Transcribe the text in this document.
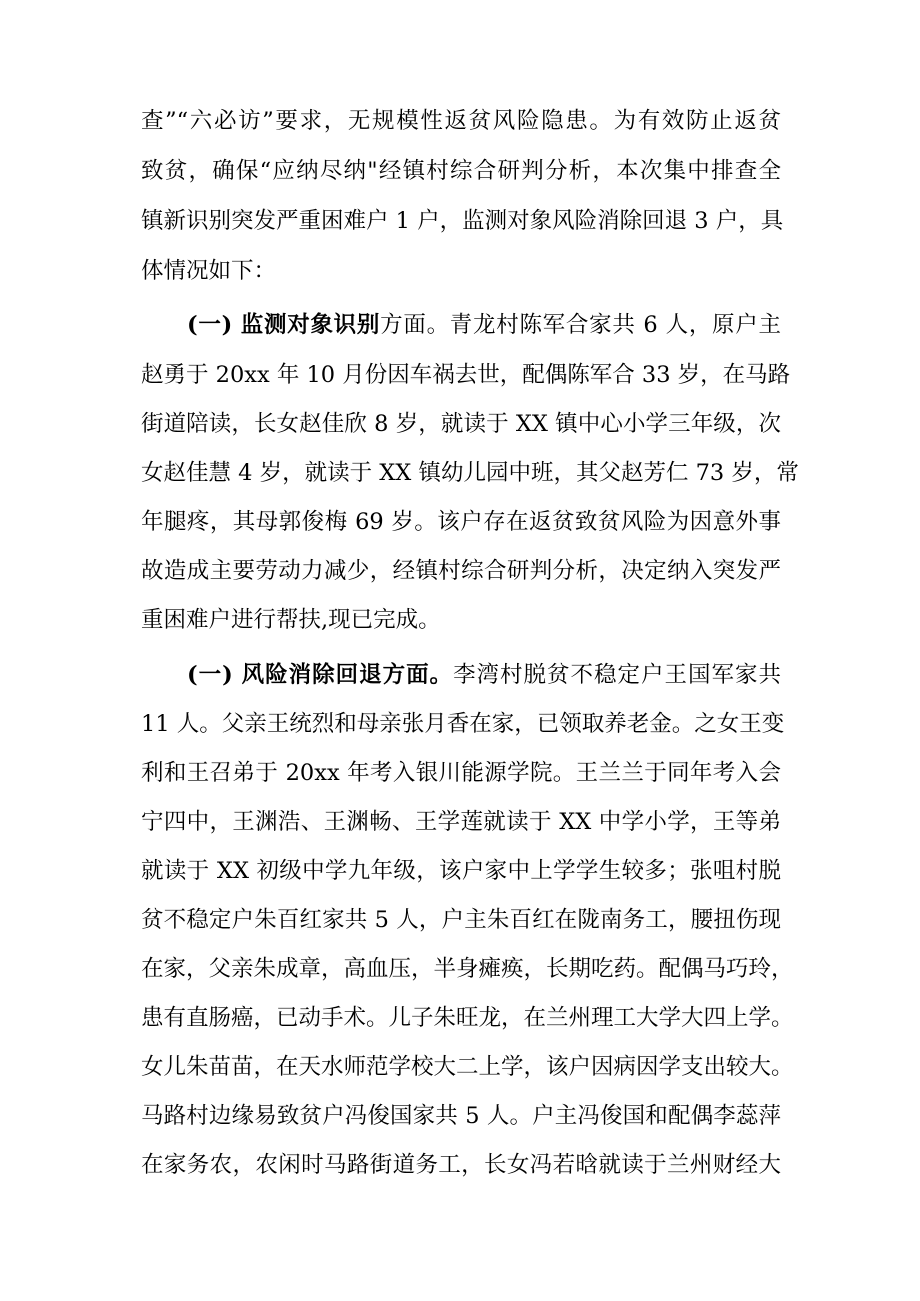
查”“六必访”要求，无规模性返贫风险隐患。为有效防止返贫
致贫，确保“应纳尽纳"经镇村综合研判分析，本次集中排查全
镇新识别突发严重困难户 1 户，监测对象风险消除回退 3 户，具
体情况如下：
(一) 监测对象识别方面。青龙村陈军合家共 6 人，原户主
赵勇于 20xx 年 10 月份因车祸去世，配偶陈军合 33 岁，在马路
街道陪读，长女赵佳欣 8 岁，就读于 XX 镇中心小学三年级，次
女赵佳慧 4 岁，就读于 XX 镇幼儿园中班，其父赵芳仁 73 岁，常
年腿疼，其母郭俊梅 69 岁。该户存在返贫致贫风险为因意外事
故造成主要劳动力减少，经镇村综合研判分析，决定纳入突发严
重困难户进行帮扶,现已完成。
(一) 风险消除回退方面。李湾村脱贫不稳定户王国军家共
11 人。父亲王统烈和母亲张月香在家，已领取养老金。之女王变
利和王召弟于 20xx 年考入银川能源学院。王兰兰于同年考入会
宁四中，王渊浩、王渊畅、王学莲就读于 XX 中学小学，王等弟
就读于 XX 初级中学九年级，该户家中上学学生较多；张咀村脱
贫不稳定户朱百红家共 5 人，户主朱百红在陇南务工，腰扭伤现
在家，父亲朱成章，高血压，半身瘫痪，长期吃药。配偶马巧玲，
患有直肠癌，已动手术。儿子朱旺龙，在兰州理工大学大四上学。
女儿朱苗苗，在天水师范学校大二上学，该户因病因学支出较大。
马路村边缘易致贫户冯俊国家共 5 人。户主冯俊国和配偶李蕊萍
在家务农，农闲时马路街道务工，长女冯若晗就读于兰州财经大
